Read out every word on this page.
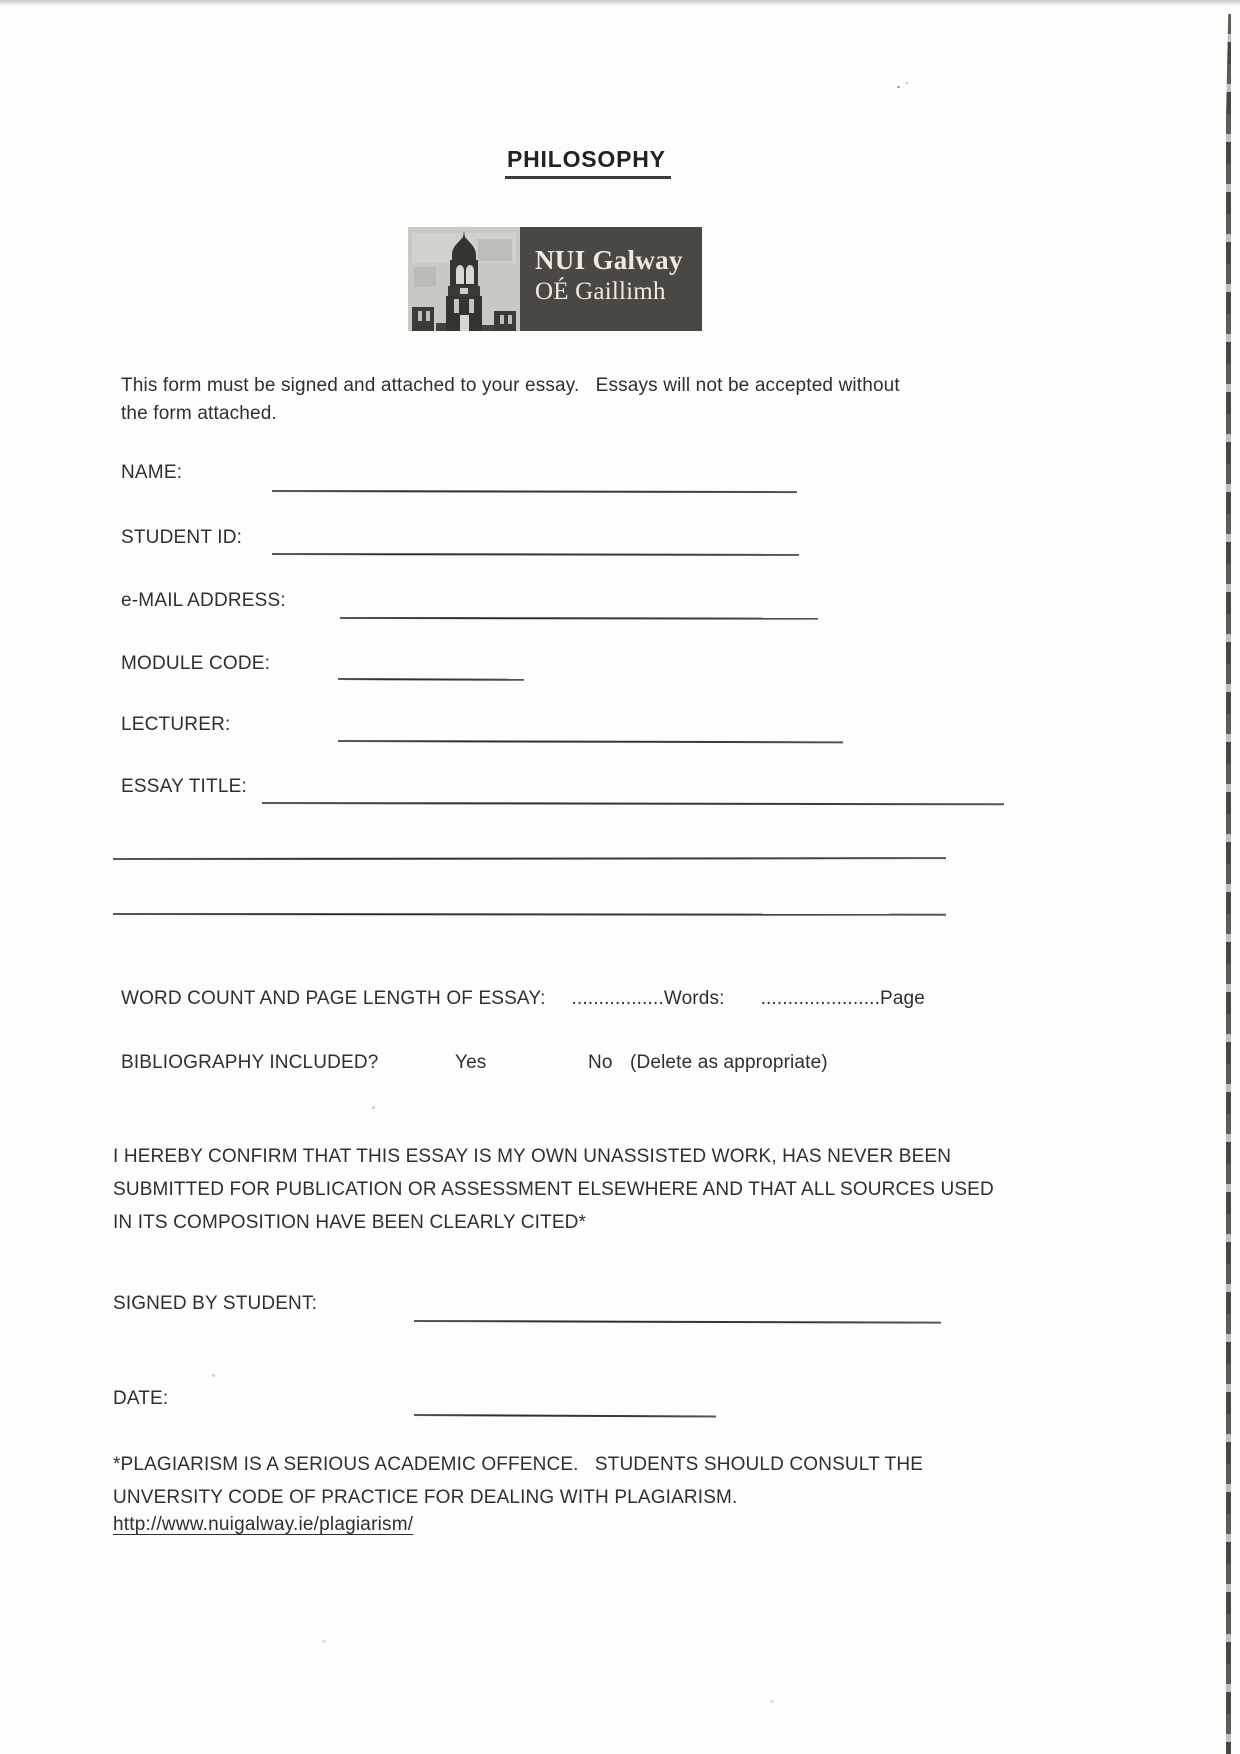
PHILOSOPHY
NUI Galway
OÉ Gaillimh
This form must be signed and attached to your essay.   Essays will not be accepted without
the form attached.
NAME:
STUDENT ID:
e-MAIL ADDRESS:
MODULE CODE:
LECTURER:
ESSAY TITLE:
WORD COUNT AND PAGE LENGTH OF ESSAY: .................Words: ......................Page
BIBLIOGRAPHY INCLUDED?	Yes	No (Delete as appropriate)
I HEREBY CONFIRM THAT THIS ESSAY IS MY OWN UNASSISTED WORK, HAS NEVER BEEN
SUBMITTED FOR PUBLICATION OR ASSESSMENT ELSEWHERE AND THAT ALL SOURCES USED
IN ITS COMPOSITION HAVE BEEN CLEARLY CITED*
SIGNED BY STUDENT:
DATE:
*PLAGIARISM IS A SERIOUS ACADEMIC OFFENCE.   STUDENTS SHOULD CONSULT THE
UNVERSITY CODE OF PRACTICE FOR DEALING WITH PLAGIARISM.
http://www.nuigalway.ie/plagiarism/
